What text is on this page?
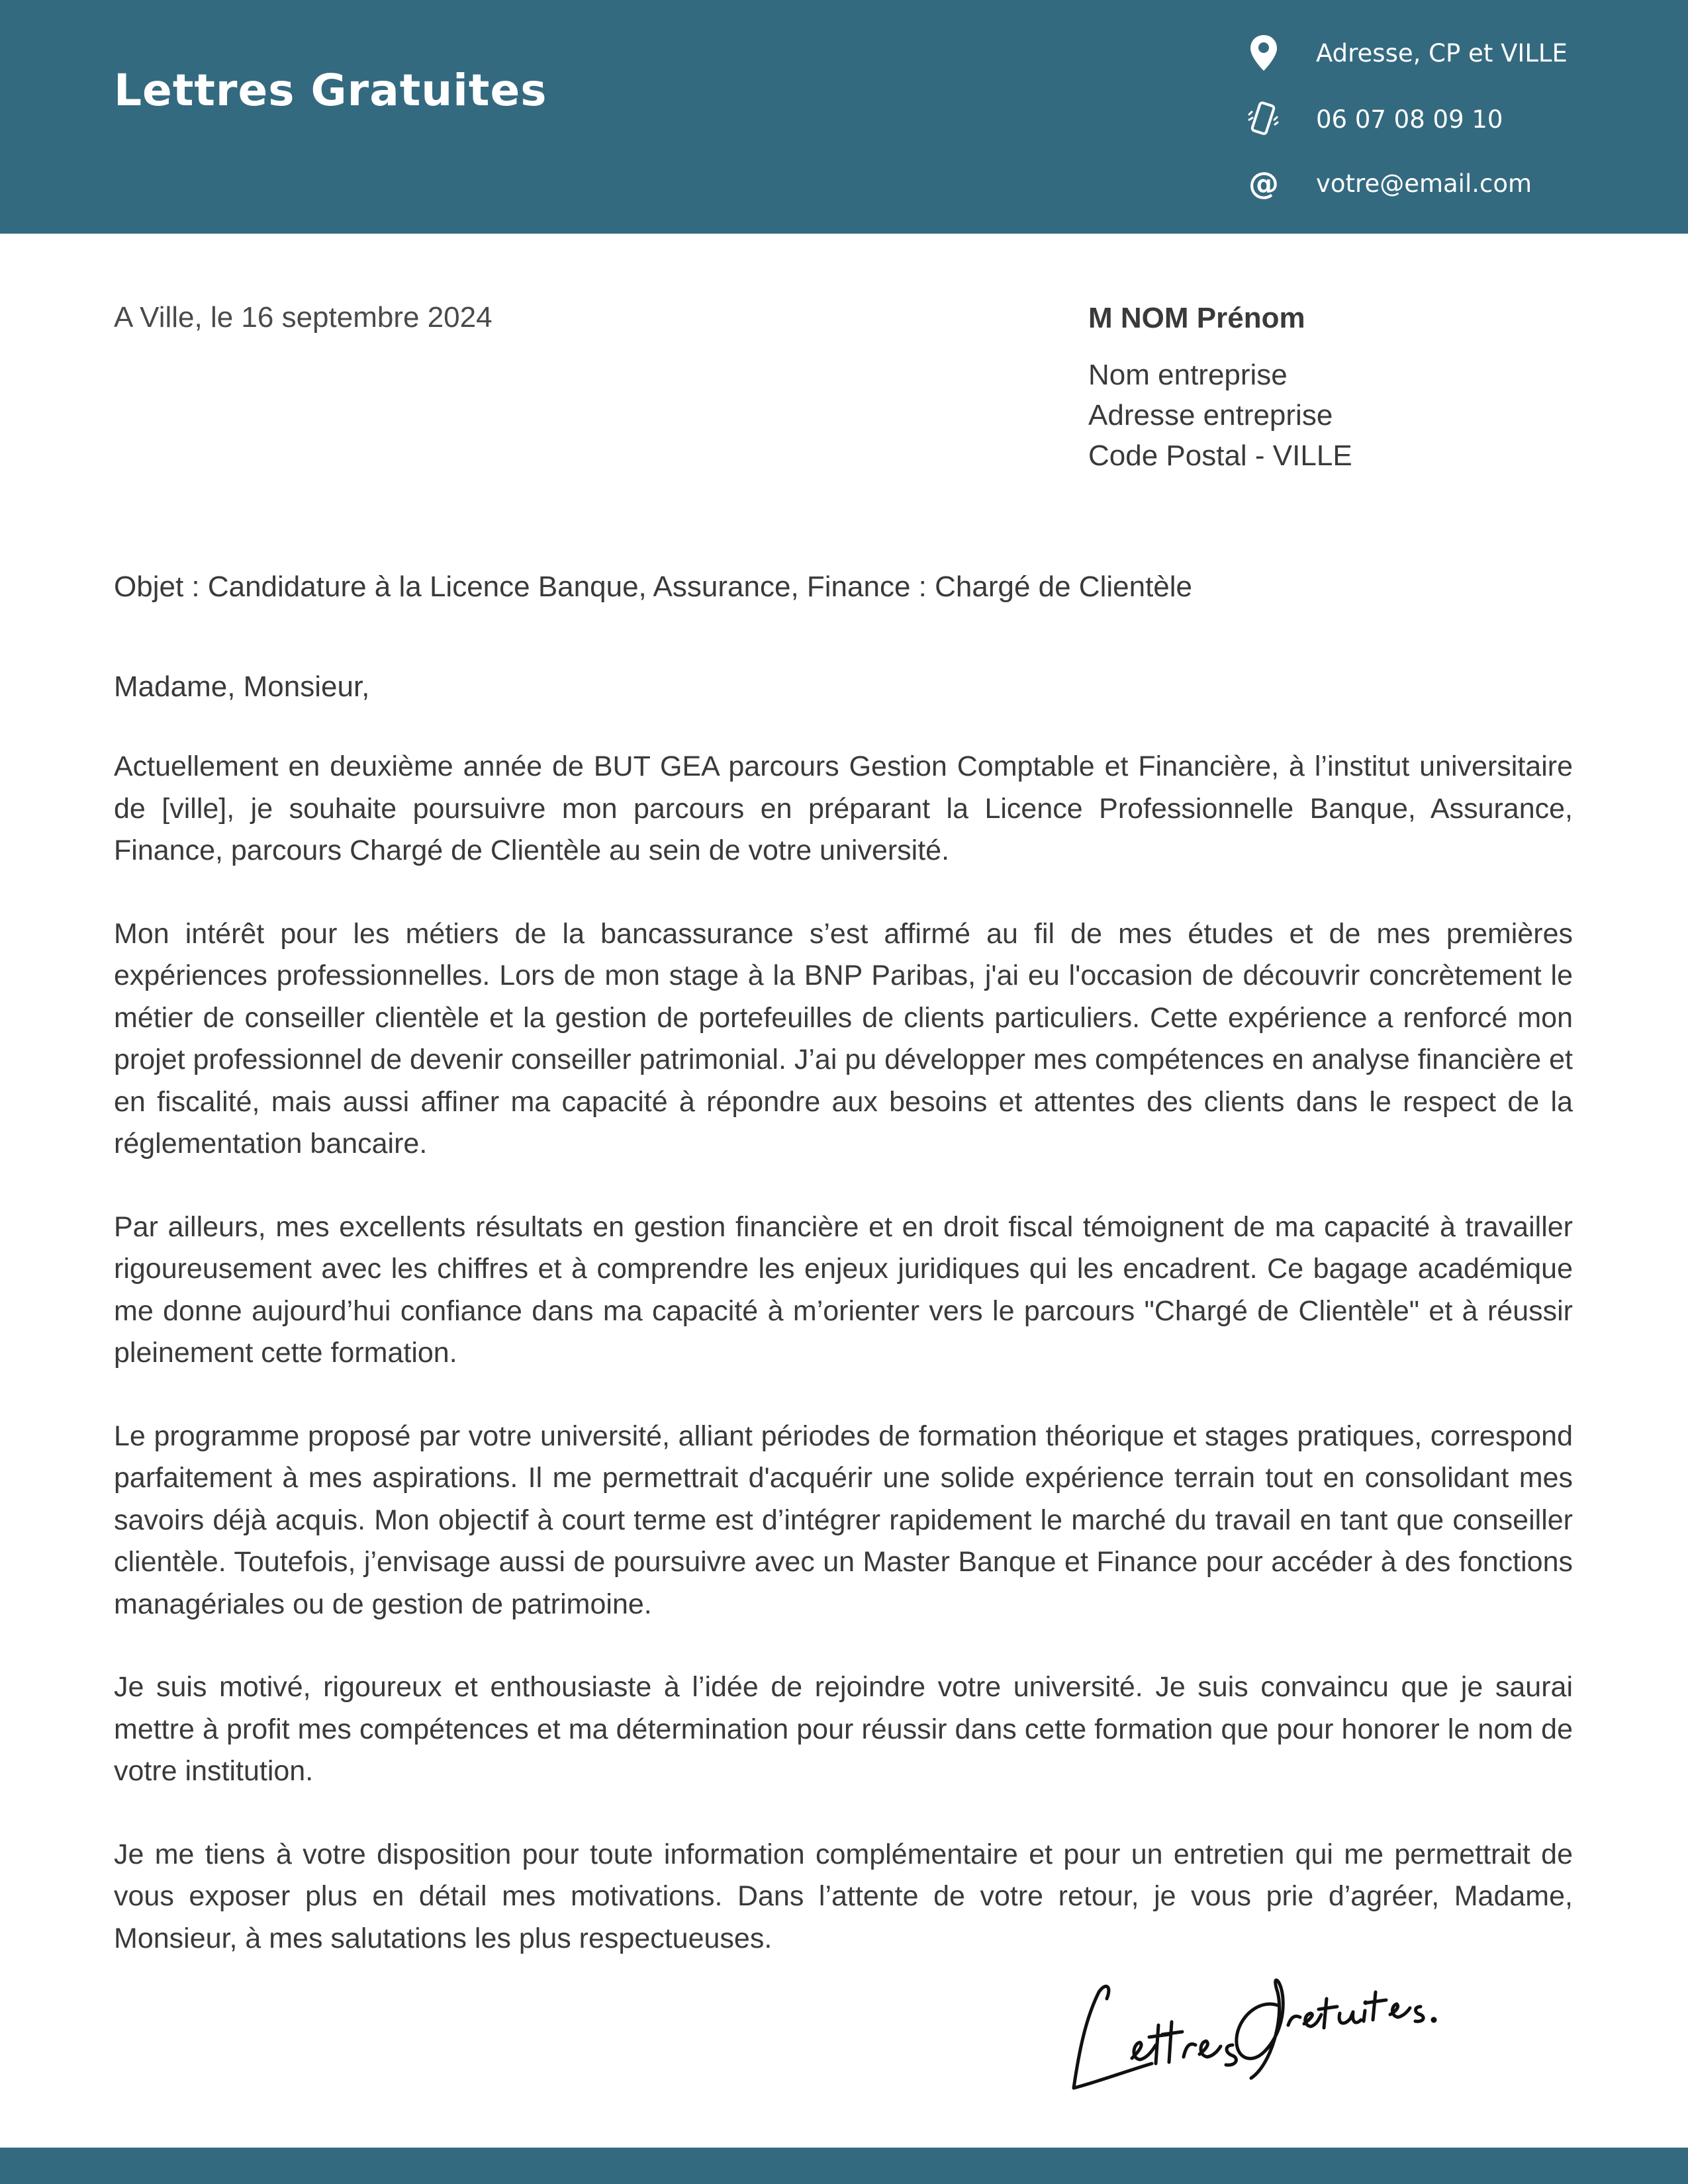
Lettres Gratuites
Adresse, CP et VILLE
06 07 08 09 10
@ votre@email.com
A Ville, le 16 septembre 2024	M NOM Prénom
Nom entreprise
Adresse entreprise
Code Postal - VILLE
Objet : Candidature à la Licence Banque, Assurance, Finance : Chargé de Clientèle
Madame, Monsieur,

Actuellement en deuxième année de BUT GEA parcours Gestion Comptable et Financière, à l’institut universitaire de [ville], je souhaite poursuivre mon parcours en préparant la Licence Professionnelle Banque, Assurance, Finance, parcours Chargé de Clientèle au sein de votre université.

Mon intérêt pour les métiers de la bancassurance s’est affirmé au fil de mes études et de mes premières expériences professionnelles. Lors de mon stage à la BNP Paribas, j'ai eu l'occasion de découvrir concrètement le métier de conseiller clientèle et la gestion de portefeuilles de clients particuliers. Cette expérience a renforcé mon projet professionnel de devenir conseiller patrimonial. J’ai pu développer mes compétences en analyse financière et en fiscalité, mais aussi affiner ma capacité à répondre aux besoins et attentes des clients dans le respect de la réglementation bancaire.

Par ailleurs, mes excellents résultats en gestion financière et en droit fiscal témoignent de ma capacité à travailler rigoureusement avec les chiffres et à comprendre les enjeux juridiques qui les encadrent. Ce bagage académique me donne aujourd’hui confiance dans ma capacité à m’orienter vers le parcours "Chargé de Clientèle" et à réussir pleinement cette formation.

Le programme proposé par votre université, alliant périodes de formation théorique et stages pratiques, correspond parfaitement à mes aspirations. Il me permettrait d'acquérir une solide expérience terrain tout en consolidant mes savoirs déjà acquis. Mon objectif à court terme est d’intégrer rapidement le marché du travail en tant que conseiller clientèle. Toutefois, j’envisage aussi de poursuivre avec un Master Banque et Finance pour accéder à des fonctions managériales ou de gestion de patrimoine.

Je suis motivé, rigoureux et enthousiaste à l’idée de rejoindre votre université. Je suis convaincu que je saurai mettre à profit mes compétences et ma détermination pour réussir dans cette formation que pour honorer le nom de votre institution.

Je me tiens à votre disposition pour toute information complémentaire et pour un entretien qui me permettrait de vous exposer plus en détail mes motivations. Dans l’attente de votre retour, je vous prie d’agréer, Madame, Monsieur, à mes salutations les plus respectueuses.
